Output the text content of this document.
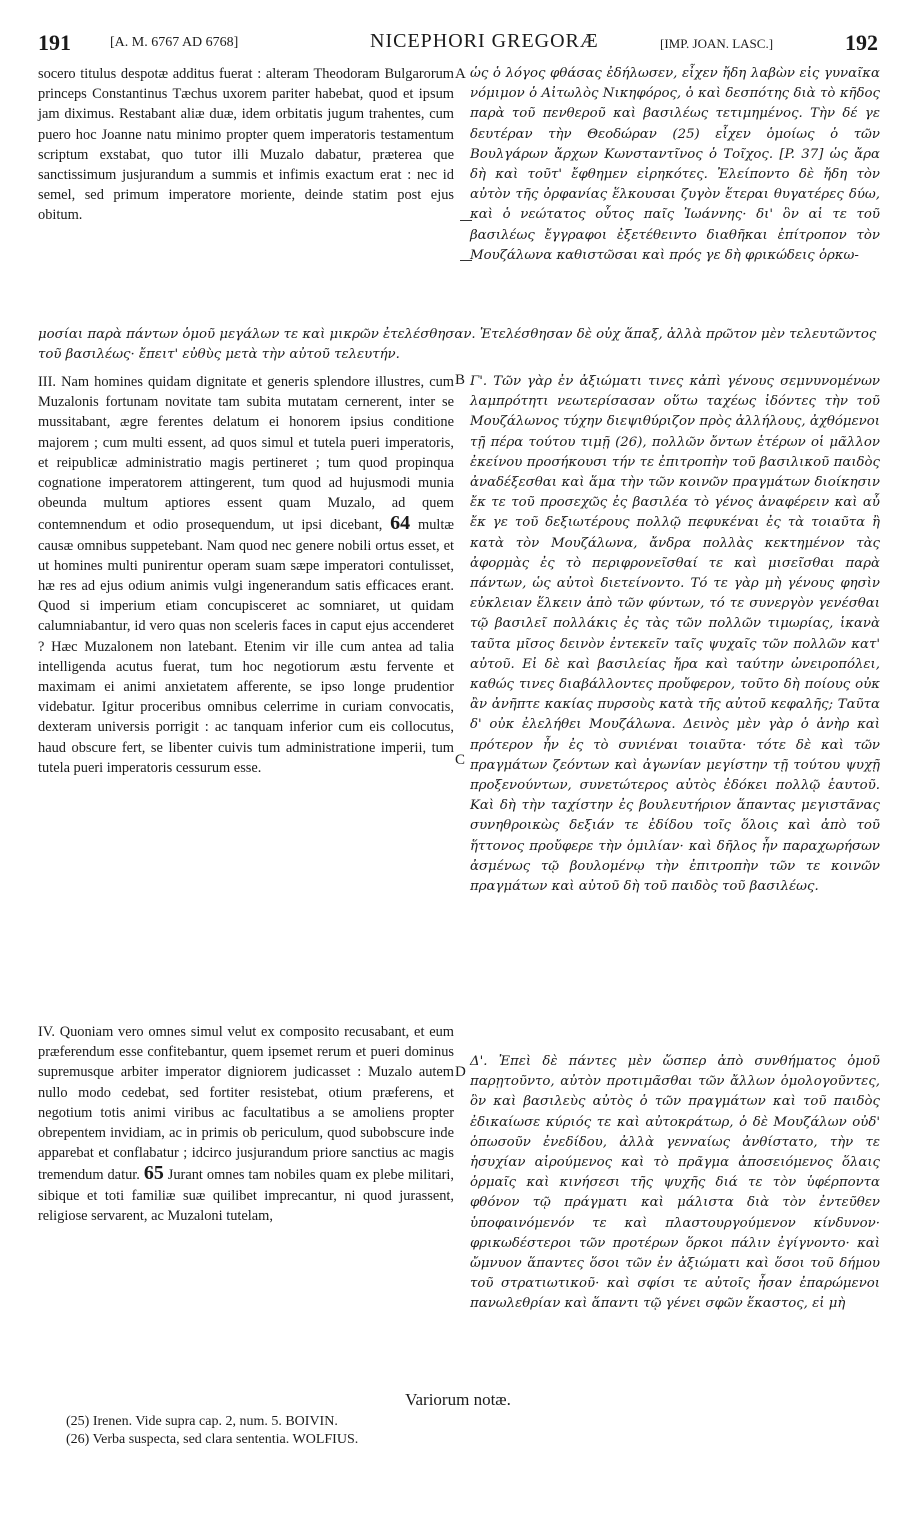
191	[A. M. 6767 AD 6768]	NICEPHORI GREGORÆ	[IMP. JOAN. LASC.]	192

socero titulus despotæ additus fuerat : alteram Theodoram Bulgarorum princeps Constantinus Tæchus uxorem pariter habebat, quod et ipsum jam diximus. Restabant aliæ duæ, idem orbitatis jugum trahentes, cum puero hoc Joanne natu minimo propter quem imperatoris testamentum scriptum exstabat, quo tutor illi Muzalo dabatur, præterea que sanctissimum jusjurandum a summis et infimis exactum erat : nec id semel, sed primum imperatore moriente, deinde statim post ejus obitum.

A ὡς ὁ λόγος φθάσας ἐδήλωσεν, εἶχεν ἤδη λαβὼν εἰς γυναῖκα νόμιμον ὁ Αἰτωλὸς Νικηφόρος, ὁ καὶ δεσπότης διὰ τὸ κῆδος παρὰ τοῦ πενθεροῦ καὶ βασιλέως τετιμημένος. Τὴν δέ γε δευτέραν τὴν Θεοδώραν (25) εἶχεν ὁμοίως ὁ τῶν Βουλγάρων ἄρχων Κωνσταντῖνος ὁ Τοῖχος. [P. 37] ὡς ἄρα δὴ καὶ τοῦτ' ἔφθημεν εἰρηκότες. Ἐλείποντο δὲ ἤδη τὸν αὐτὸν τῆς ὀρφανίας ἕλκουσαι ζυγὸν ἕτεραι θυγατέρες δύω, καὶ ὁ νεώτατος οὗτος παῖς Ἰωάννης· δι' ὃν αἱ τε τοῦ βασιλέως ἔγγραφοι ἐξετέθειντο διαθῆκαι ἐπίτροπον τὸν Μουζάλωνα καθιστῶσαι καὶ πρός γε δὴ φρικώδεις ὁρκω-

μοσίαι παρὰ πάντων ὁμοῦ μεγάλων τε καὶ μικρῶν ἐτελέσθησαν. Ἐτελέσθησαν δὲ οὐχ ἅπαξ, ἀλλὰ πρῶτον μὲν τελευτῶντος τοῦ βασιλέως· ἔπειτ' εὐθὺς μετὰ τὴν αὐτοῦ τελευτήν.

III. Nam homines quidam dignitate et generis splendore illustres, cum Muzalonis fortunam novitate tam subita mutatam cernerent, inter se mussitabant, ægre ferentes delatum ei honorem ipsius conditione majorem ; cum multi essent, ad quos simul et tutela pueri imperatoris, et reipublicæ administratio magis pertineret ; tum quod propinqua cognatione imperatorem attingerent, tum quod ad hujusmodi munia obeunda multum aptiores essent quam Muzalo, ad quem contemnendum et odio prosequendum, ut ipsi dicebant, 64 multæ causæ omnibus suppetebant. Nam quod nec genere nobili ortus esset, et ut homines multi punirentur operam suam sæpe imperatori contulisset, hæ res ad ejus odium animis vulgi ingenerandum satis efficaces erant. Quod si imperium etiam concupisceret ac somniaret, ut quidam calumniabantur, id vero quas non sceleris faces in caput ejus accenderet ? Hæc Muzalonem non latebant. Etenim vir ille cum antea ad talia intelligenda acutus fuerat, tum hoc negotiorum æstu fervente et maximam ei animi anxietatem afferente, se ipso longe prudentior videbatur. Igitur proceribus omnibus celerrime in curiam convocatis, dexteram universis porrigit : ac tanquam inferior cum eis collocutus, haud obscure fert, se libenter cuivis tum administratione imperii, tum tutela pueri imperatoris cessurum esse.

B
C

Γ'. Τῶν γὰρ ἐν ἀξιώματι τινες κἀπὶ γένους σεμνυνομένων λαμπρότητι νεωτερίσασαν οὕτω ταχέως ἰδόντες τὴν τοῦ Μουζάλωνος τύχην διεψιθύριζον πρὸς ἀλλήλους, ἀχθόμενοι τῇ πέρα τούτου τιμῇ (26), πολλῶν ὄντων ἑτέρων οἱ μᾶλλον ἐκείνου προσήκουσι τήν τε ἐπιτροπὴν τοῦ βασιλικοῦ παιδὸς ἀναδέξεσθαι καὶ ἅμα τὴν τῶν κοινῶν πραγμάτων διοίκησιν ἔκ τε τοῦ προσεχῶς ἐς βασιλέα τὸ γένος ἀναφέρειν καὶ αὖ ἔκ γε τοῦ δεξιωτέρους πολλῷ πεφυκέναι ἐς τὰ τοιαῦτα ἢ κατὰ τὸν Μουζάλωνα, ἄνδρα πολλὰς κεκτημένον τὰς ἀφορμὰς ἐς τὸ περιφρονεῖσθαί τε καὶ μισεῖσθαι παρὰ πάντων, ὡς αὐτοὶ διετείνοντο. Τό τε γὰρ μὴ γένους φησὶν εὐκλειαν ἕλκειν ἀπὸ τῶν φύντων, τό τε συνεργὸν γενέσθαι τῷ βασιλεῖ πολλάκις ἐς τὰς τῶν πολλῶν τιμωρίας, ἱκανὰ ταῦτα μῖσος δεινὸν ἐντεκεῖν ταῖς ψυχαῖς τῶν πολλῶν κατ' αὐτοῦ. Εἰ δὲ καὶ βασιλείας ἤρα καὶ ταύτην ὠνειροπόλει, καθώς τινες διαβάλλοντες προὔφερον, τοῦτο δὴ ποίους οὐκ ἂν ἀνῆπτε κακίας πυρσοὺς κατὰ τῆς αὐτοῦ κεφαλῆς; Ταῦτα δ' οὐκ ἐλελήθει Μουζάλωνα. Δεινὸς μὲν γὰρ ὁ ἀνὴρ καὶ πρότερον ἦν ἐς τὸ συνιέναι τοιαῦτα· τότε δὲ καὶ τῶν πραγμάτων ζεόντων καὶ ἀγωνίαν μεγίστην τῇ τούτου ψυχῇ προξενούντων, συνετώτερος αὐτὸς ἐδόκει πολλῷ ἑαυτοῦ. Καὶ δὴ τὴν ταχίστην ἐς βουλευτήριον ἅπαντας μεγιστᾶνας συνηθροικὼς δεξιάν τε ἐδίδου τοῖς ὅλοις καὶ ἀπὸ τοῦ ἥττονος προὔφερε τὴν ὁμιλίαν· καὶ δῆλος ἦν παραχωρήσων ἀσμένως τῷ βουλομένῳ τὴν ἐπιτροπὴν τῶν τε κοινῶν πραγμάτων καὶ αὐτοῦ δὴ τοῦ παιδὸς τοῦ βασιλέως.

IV. Quoniam vero omnes simul velut ex composito recusabant, et eum præferendum esse confitebantur, quem ipsemet rerum et pueri dominus supremusque arbiter imperator digniorem judicasset : Muzalo autem nullo modo cedebat, sed fortiter resistebat, otium præferens, et negotium totis animi viribus ac facultatibus a se amoliens propter obrepentem invidiam, ac in primis ob periculum, quod subobscure inde apparebat et conflabatur ; idcirco jusjurandum priore sanctius ac magis tremendum datur. 65 Jurant omnes tam nobiles quam ex plebe militari, sibique et toti familiæ suæ quilibet imprecantur, ni quod jurassent, religiose servarent, ac Muzaloni tutelam,

D

Δ'. Ἐπεὶ δὲ πάντες μὲν ὥσπερ ἀπὸ συνθήματος ὁμοῦ παρῃτοῦντο, αὐτὸν προτιμᾶσθαι τῶν ἄλλων ὁμολογοῦντες, ὃν καὶ βασιλεὺς αὐτὸς ὁ τῶν πραγμάτων καὶ τοῦ παιδὸς ἐδικαίωσε κύριός τε καὶ αὐτοκράτωρ, ὁ δὲ Μουζάλων οὐδ' ὁπωσοῦν ἐνεδίδου, ἀλλὰ γενναίως ἀνθίστατο, τὴν τε ἡσυχίαν αἱρούμενος καὶ τὸ πρᾶγμα ἀποσειόμενος ὅλαις ὁρμαῖς καὶ κινήσεσι τῆς ψυχῆς διά τε τὸν ὑφέρποντα φθόνον τῷ πράγματι καὶ μάλιστα διὰ τὸν ἐντεῦθεν ὑποφαινόμενόν τε καὶ πλαστουργούμενον κίνδυνον· φρικωδέστεροι τῶν προτέρων ὅρκοι πάλιν ἐγίγνοντο· καὶ ὤμνυον ἅπαντες ὅσοι τῶν ἐν ἀξιώματι καὶ ὅσοι τοῦ δήμου τοῦ στρατιωτικοῦ· καὶ σφίσι τε αὐτοῖς ἦσαν ἐπαρώμενοι πανωλεθρίαν καὶ ἅπαντι τῷ γένει σφῶν ἕκαστος, εἰ μὴ

Variorum notæ.

(25) Irenen. Vide supra cap. 2, num. 5. BOIVIN.

(26) Verba suspecta, sed clara sententia. WOLFIUS.
